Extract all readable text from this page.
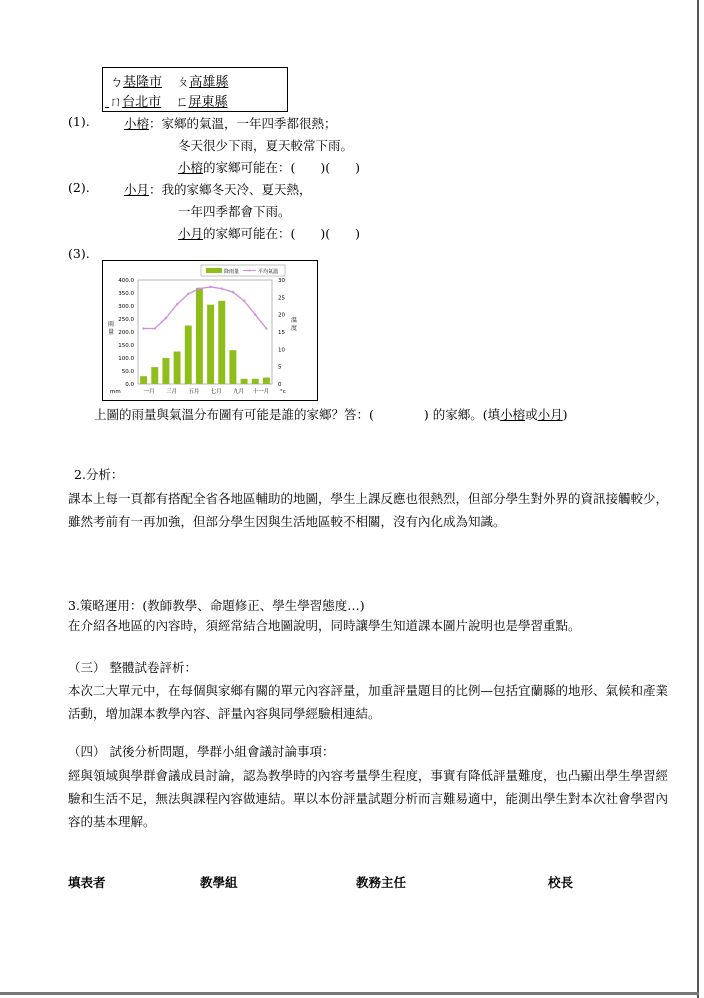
ㄅ基隆市 ㄆ高雄縣
ㄇ台北市 ㄈ屏東縣
(1).	小榕：家鄉的氣溫，一年四季都很熱；
冬天很少下雨，夏天較常下雨。
小榕的家鄉可能在：(　　)(　　)
(2).	小月：我的家鄉冬天冷、夏天熱，
一年四季都會下雨。
小月的家鄉可能在：(　　)(　　)
(3).
0.0
50.0
100.0
150.0
200.0
250.0
300.0
350.0
400.0
0
5
10
15
20
25
30
一月 三月 五月 七月 九月 十一月
mm	°c
雨
量
溫
度
降雨量	平均氣溫
上圖的雨量與氣溫分布圖有可能是誰的家鄉？答：(　　　　) 的家鄉。(填小榕或小月)
2.分析：
課本上每一頁都有搭配全省各地區輔助的地圖，學生上課反應也很熱烈，但部分學生對外界的資訊接觸較少，雖然考前有一再加強，但部分學生因與生活地區較不相關，沒有內化成為知識。
3.策略運用：(教師教學、命題修正、學生學習態度…)
在介紹各地區的內容時，須經常結合地圖說明，同時讓學生知道課本圖片說明也是學習重點。
（三） 整體試卷評析：
本次二大單元中，在每個與家鄉有關的單元內容評量，加重評量題目的比例—包括宜蘭縣的地形、氣候和產業活動，增加課本教學內容、評量內容與同學經驗相連結。
（四） 試後分析問題，學群小組會議討論事項：
經與領域與學群會議成員討論，認為教學時的內容考量學生程度，事實有降低評量難度，也凸顯出學生學習經驗和生活不足，無法與課程內容做連結。單以本份評量試題分析而言難易適中，能測出學生對本次社會學習內容的基本理解。
填表者	教學組	教務主任	校長
